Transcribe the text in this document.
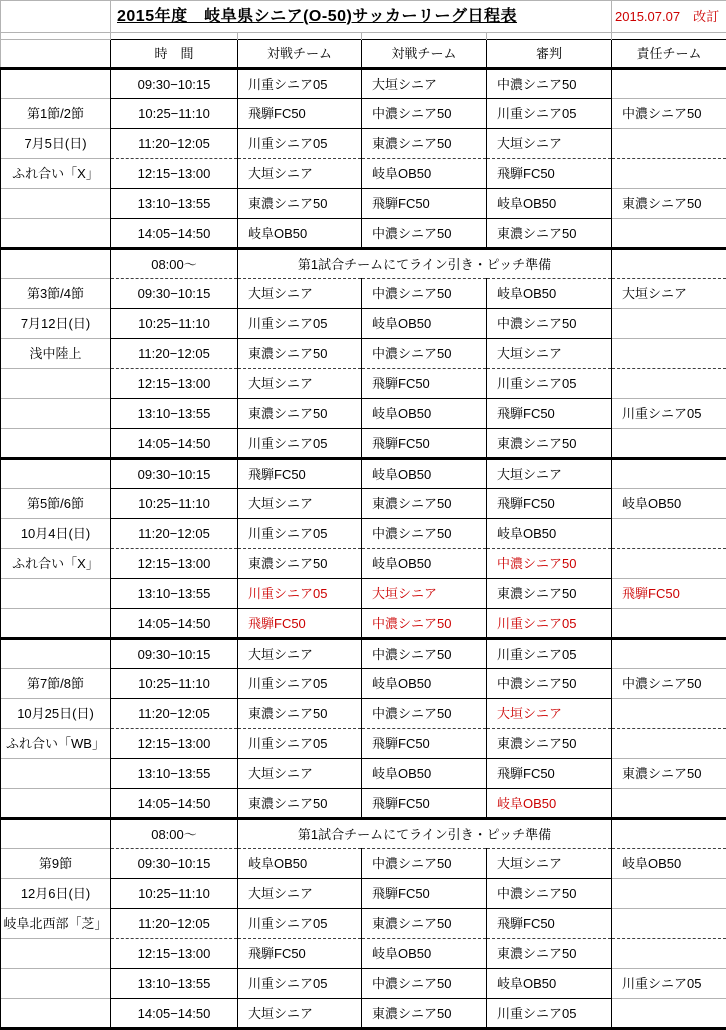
	2015年度　岐阜県シニア(O-50)サッカーリーグ日程表				2015.07.07　改訂

	時　間	対戦チーム	対戦チーム	審判	責任チーム
	09:30−10:15	川重シニア05	大垣シニア	中濃シニア50	
第1節/2節	10:25−11:10	飛騨FC50	中濃シニア50	川重シニア05	中濃シニア50
7月5日(日)	11:20−12:05	川重シニア05	東濃シニア50	大垣シニア	
ふれ合い「X」	12:15−13:00	大垣シニア	岐阜OB50	飛騨FC50	
	13:10−13:55	東濃シニア50	飛騨FC50	岐阜OB50	東濃シニア50
	14:05−14:50	岐阜OB50	中濃シニア50	東濃シニア50	
	08:00～	第1試合チームにてライン引き・ピッチ準備			
第3節/4節	09:30−10:15	大垣シニア	中濃シニア50	岐阜OB50	大垣シニア
7月12日(日)	10:25−11:10	川重シニア05	岐阜OB50	中濃シニア50	
浅中陸上	11:20−12:05	東濃シニア50	中濃シニア50	大垣シニア	
	12:15−13:00	大垣シニア	飛騨FC50	川重シニア05	
	13:10−13:55	東濃シニア50	岐阜OB50	飛騨FC50	川重シニア05
	14:05−14:50	川重シニア05	飛騨FC50	東濃シニア50	
	09:30−10:15	飛騨FC50	岐阜OB50	大垣シニア	
第5節/6節	10:25−11:10	大垣シニア	東濃シニア50	飛騨FC50	岐阜OB50
10月4日(日)	11:20−12:05	川重シニア05	中濃シニア50	岐阜OB50	
ふれ合い「X」	12:15−13:00	東濃シニア50	岐阜OB50	中濃シニア50	
	13:10−13:55	川重シニア05	大垣シニア	東濃シニア50	飛騨FC50
	14:05−14:50	飛騨FC50	中濃シニア50	川重シニア05	
	09:30−10:15	大垣シニア	中濃シニア50	川重シニア05	
第7節/8節	10:25−11:10	川重シニア05	岐阜OB50	中濃シニア50	中濃シニア50
10月25日(日)	11:20−12:05	東濃シニア50	中濃シニア50	大垣シニア	
ふれ合い「WB」	12:15−13:00	川重シニア05	飛騨FC50	東濃シニア50	
	13:10−13:55	大垣シニア	岐阜OB50	飛騨FC50	東濃シニア50
	14:05−14:50	東濃シニア50	飛騨FC50	岐阜OB50	
	08:00～	第1試合チームにてライン引き・ピッチ準備			
第9節	09:30−10:15	岐阜OB50	中濃シニア50	大垣シニア	岐阜OB50
12月6日(日)	10:25−11:10	大垣シニア	飛騨FC50	中濃シニア50	
岐阜北西部「芝」	11:20−12:05	川重シニア05	東濃シニア50	飛騨FC50	
	12:15−13:00	飛騨FC50	岐阜OB50	東濃シニア50	
	13:10−13:55	川重シニア05	中濃シニア50	岐阜OB50	川重シニア05
	14:05−14:50	大垣シニア	東濃シニア50	川重シニア05	
